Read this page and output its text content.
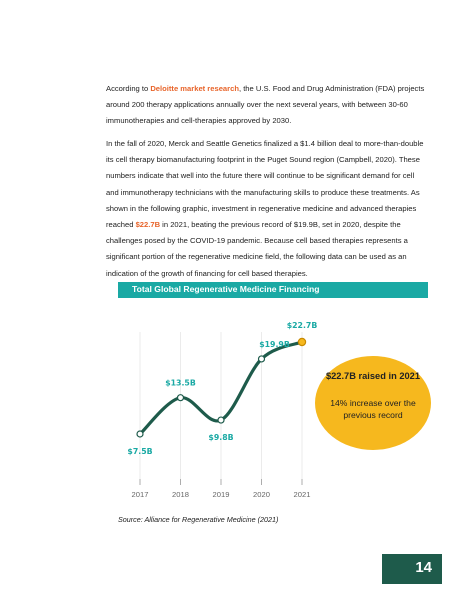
According to Deloitte market research, the U.S. Food and Drug Administration (FDA) projects around 200 therapy applications annually over the next several years, with between 30-60 immunotherapies and cell-therapies approved by 2030.

In the fall of 2020, Merck and Seattle Genetics finalized a $1.4 billion deal to more-than-double its cell therapy biomanufacturing footprint in the Puget Sound region (Campbell, 2020). These numbers indicate that well into the future there will continue to be significant demand for cell and immunotherapy technicians with the manufacturing skills to produce these treatments. As shown in the following graphic, investment in regenerative medicine and advanced therapies reached $22.7B in 2021, beating the previous record of $19.9B, set in 2020, despite the challenges posed by the COVID-19 pandemic. Because cell based therapies represents a significant portion of the regenerative medicine field, the following data can be used as an indication of the growth of financing for cell based therapies.

Total Global Regenerative Medicine Financing
2017	2018	2019	2020	2021
$7.5B
$13.5B
$9.8B
$19.9B
$22.7B
$22.7B raised in 2021
14% increase over the previous record
Source: Alliance for Regenerative Medicine (2021)
14
